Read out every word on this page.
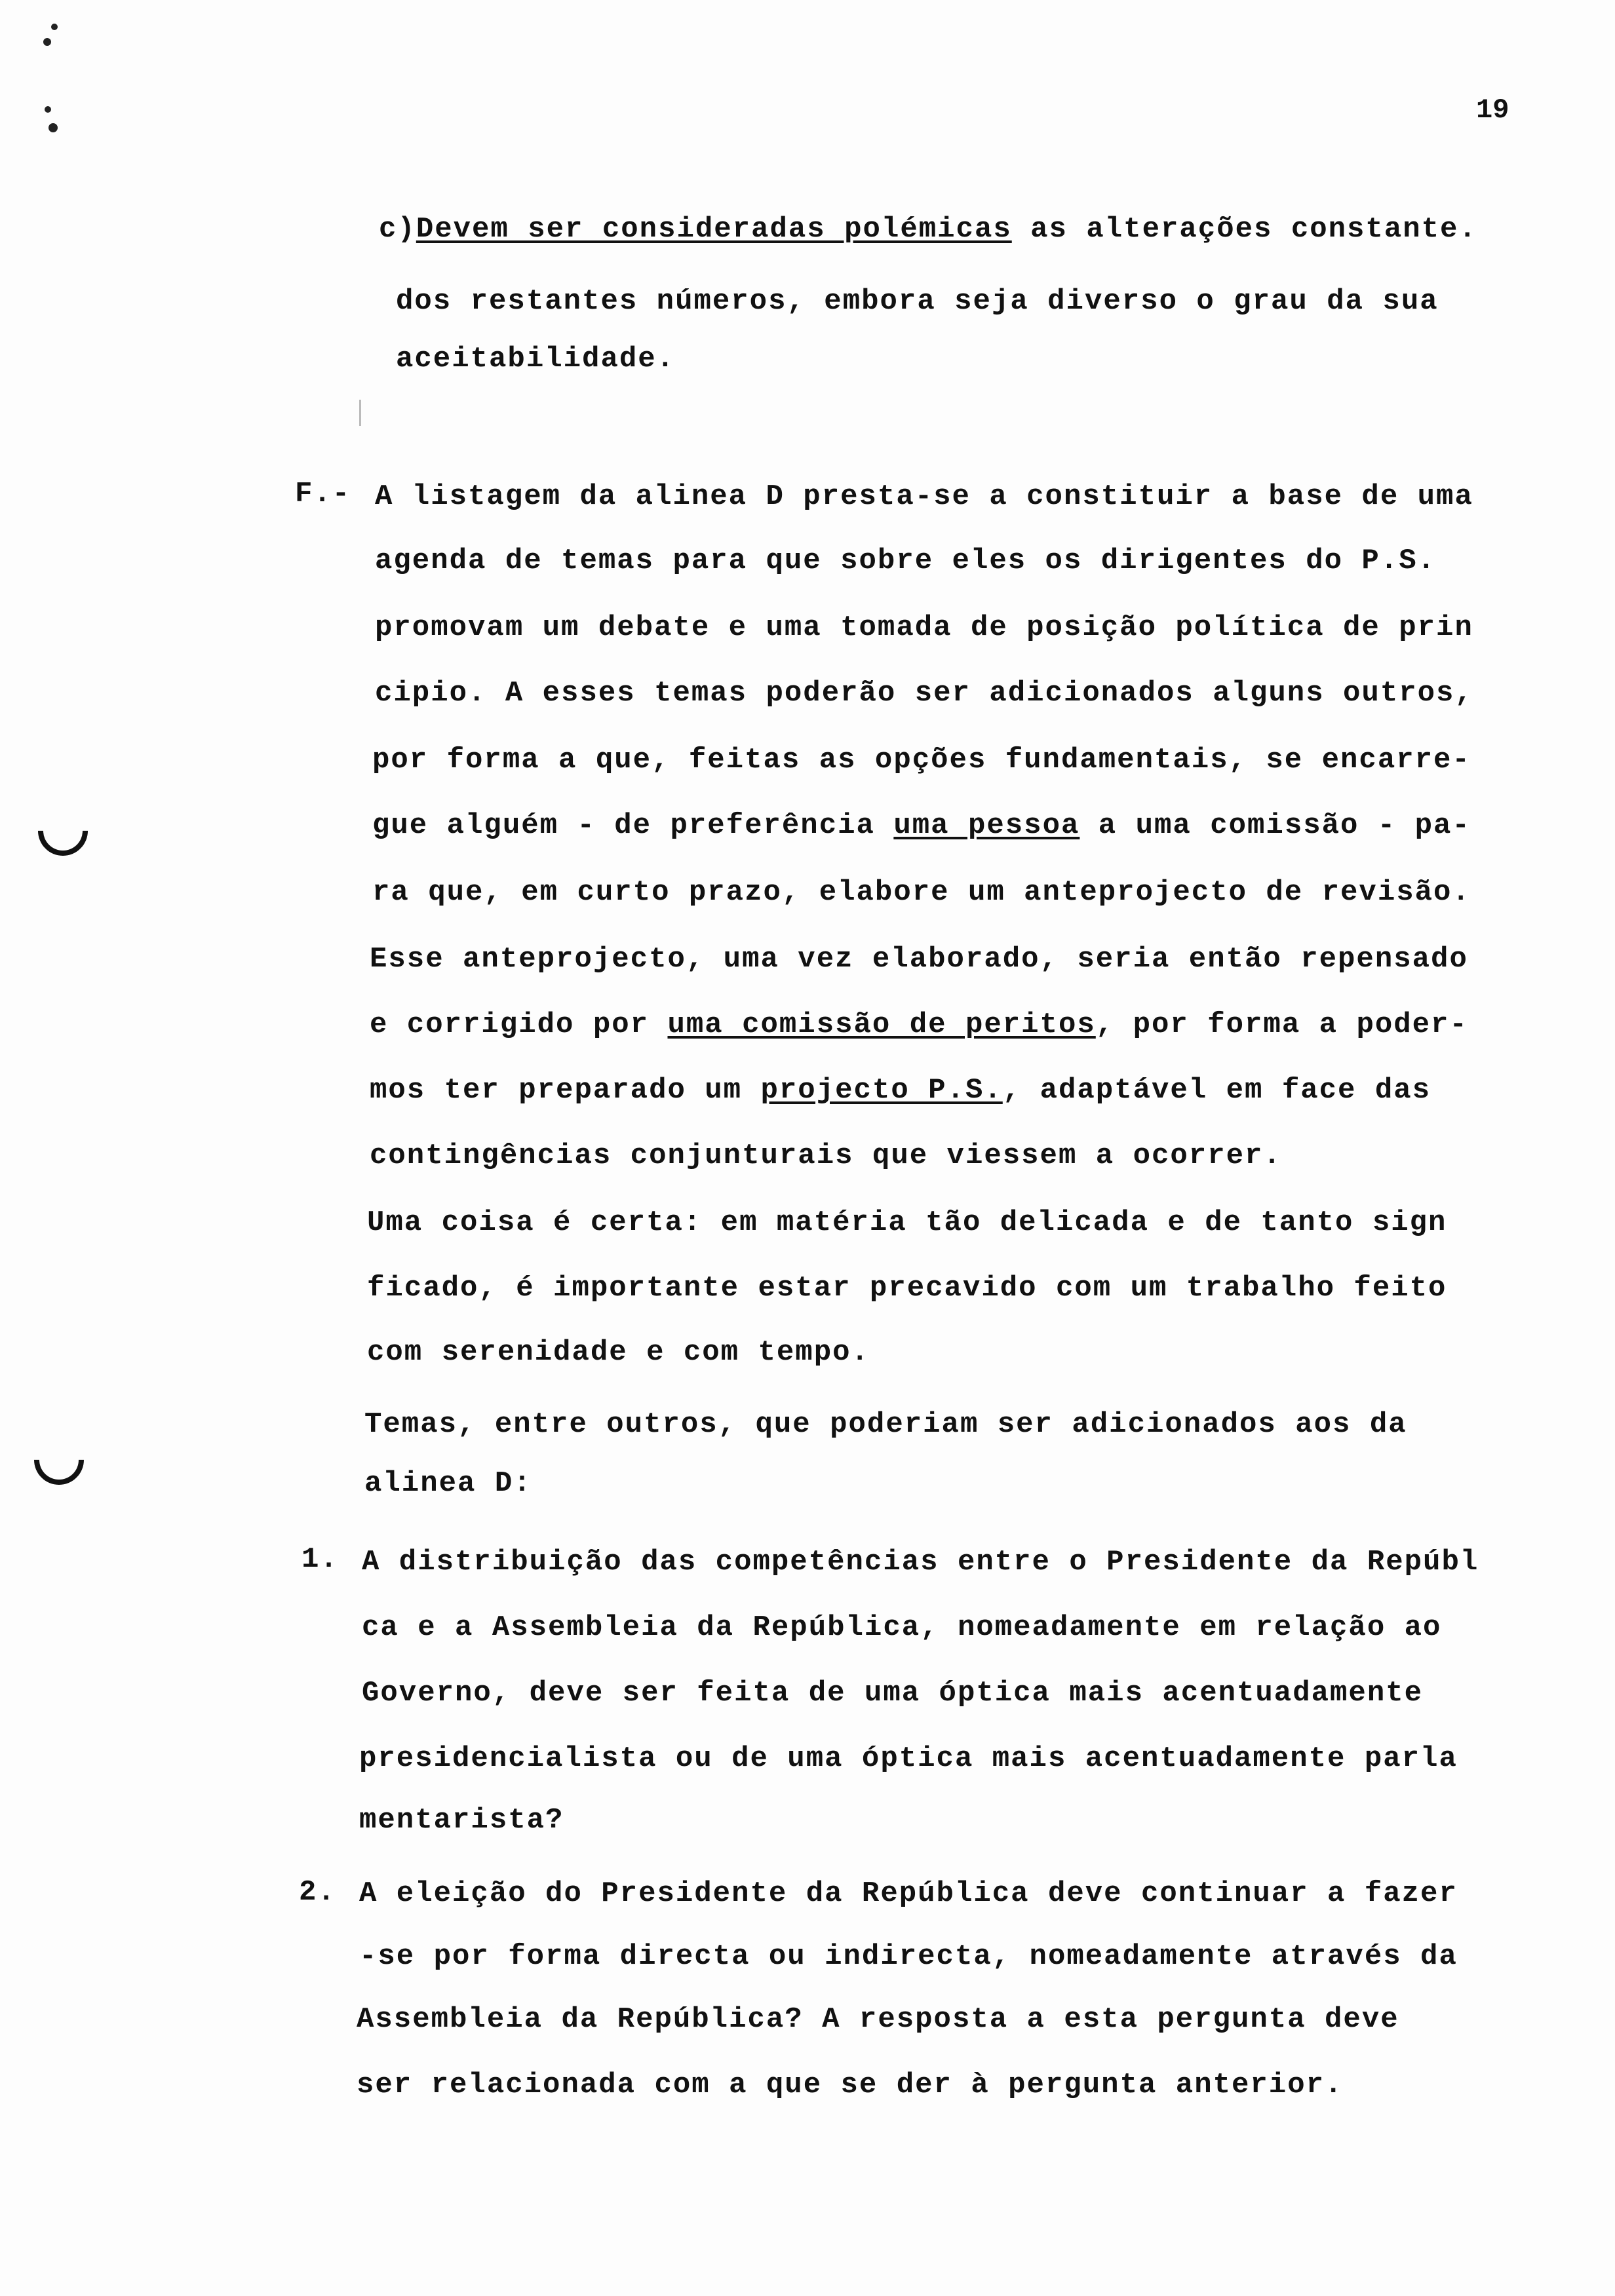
19
c)Devem ser consideradas polémicas as alterações constante.
dos restantes números, embora seja diverso o grau da sua
aceitabilidade.
F.- A listagem da alinea D presta-se a constituir a base de uma
agenda de temas para que sobre eles os dirigentes do P.S.
promovam um debate e uma tomada de posição política de prin
cipio. A esses temas poderão ser adicionados alguns outros,
por forma a que, feitas as opções fundamentais, se encarre-
gue alguém - de preferência uma pessoa a uma comissão - pa-
ra que, em curto prazo, elabore um anteprojecto de revisão.
Esse anteprojecto, uma vez elaborado, seria então repensado
e corrigido por uma comissão de peritos, por forma a poder-
mos ter preparado um projecto P.S., adaptável em face das
contingências conjunturais que viessem a ocorrer.
Uma coisa é certa: em matéria tão delicada e de tanto sign
ficado, é importante estar precavido com um trabalho feito
com serenidade e com tempo.
Temas, entre outros, que poderiam ser adicionados aos da
alinea D:
1. A distribuição das competências entre o Presidente da Repúbl
ca e a Assembleia da República, nomeadamente em relação ao
Governo, deve ser feita de uma óptica mais acentuadamente
presidencialista ou de uma óptica mais acentuadamente parla
mentarista?
2. A eleição do Presidente da República deve continuar a fazer
-se por forma directa ou indirecta, nomeadamente através da
Assembleia da República? A resposta a esta pergunta deve
ser relacionada com a que se der à pergunta anterior.
